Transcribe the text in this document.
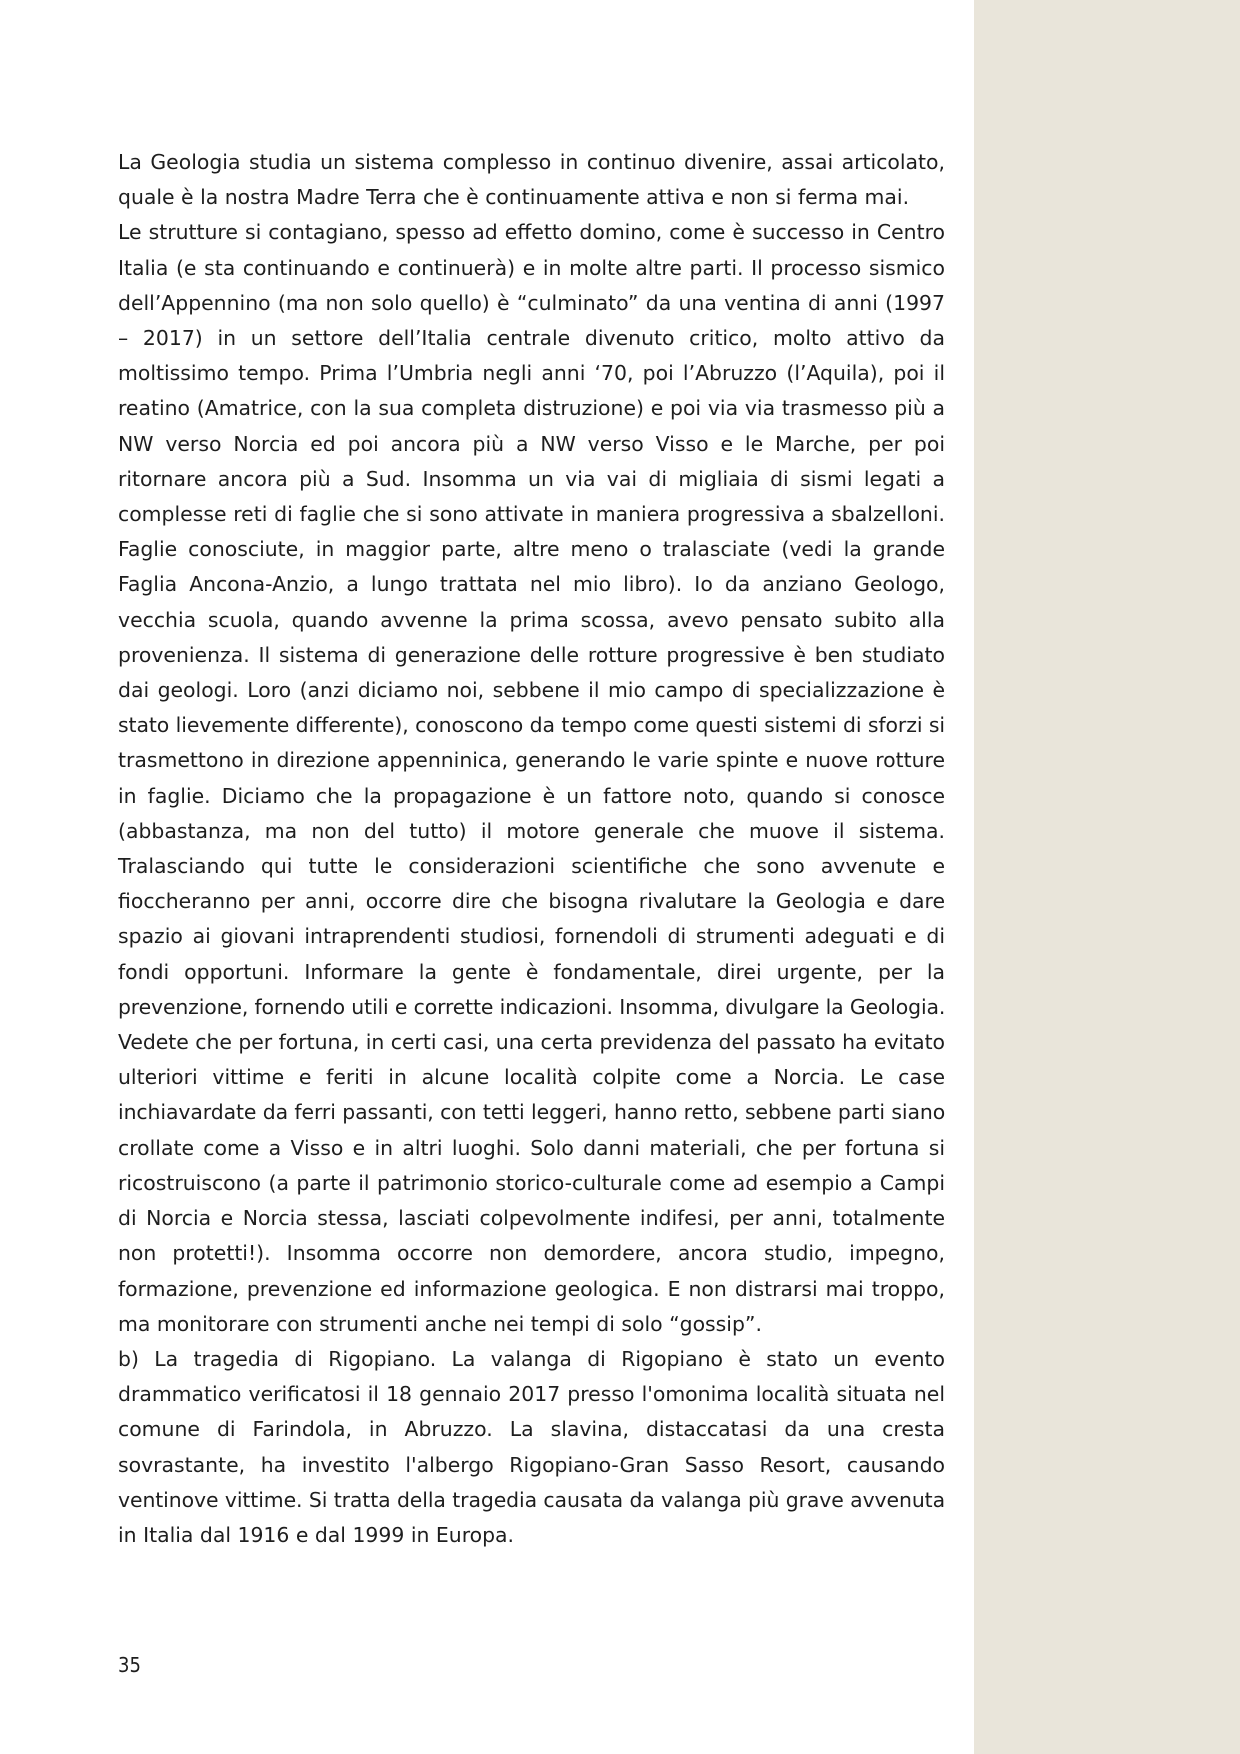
La Geologia studia un sistema complesso in continuo divenire, assai articolato,
quale è la nostra Madre Terra che è continuamente attiva e non si ferma mai.
Le strutture si contagiano, spesso ad effetto domino, come è successo in Centro
Italia (e sta continuando e continuerà) e in molte altre parti. Il processo sismico
dell’Appennino (ma non solo quello) è “culminato” da una ventina di anni (1997
– 2017) in un settore dell’Italia centrale divenuto critico, molto attivo da
moltissimo tempo. Prima l’Umbria negli anni ‘70, poi l’Abruzzo (l’Aquila), poi il
reatino (Amatrice, con la sua completa distruzione) e poi via via trasmesso più a
NW verso Norcia ed poi ancora più a NW verso Visso e le Marche, per poi
ritornare ancora più a Sud. Insomma un via vai di migliaia di sismi legati a
complesse reti di faglie che si sono attivate in maniera progressiva a sbalzelloni.
Faglie conosciute, in maggior parte, altre meno o tralasciate (vedi la grande
Faglia Ancona-Anzio, a lungo trattata nel mio libro). Io da anziano Geologo,
vecchia scuola, quando avvenne la prima scossa, avevo pensato subito alla
provenienza. Il sistema di generazione delle rotture progressive è ben studiato
dai geologi. Loro (anzi diciamo noi, sebbene il mio campo di specializzazione è
stato lievemente differente), conoscono da tempo come questi sistemi di sforzi si
trasmettono in direzione appenninica, generando le varie spinte e nuove rotture
in faglie. Diciamo che la propagazione è un fattore noto, quando si conosce
(abbastanza, ma non del tutto) il motore generale che muove il sistema.
Tralasciando qui tutte le considerazioni scientifiche che sono avvenute e
fioccheranno per anni, occorre dire che bisogna rivalutare la Geologia e dare
spazio ai giovani intraprendenti studiosi, fornendoli di strumenti adeguati e di
fondi opportuni. Informare la gente è fondamentale, direi urgente, per la
prevenzione, fornendo utili e corrette indicazioni. Insomma, divulgare la Geologia.
Vedete che per fortuna, in certi casi, una certa previdenza del passato ha evitato
ulteriori vittime e feriti in alcune località colpite come a Norcia. Le case
inchiavardate da ferri passanti, con tetti leggeri, hanno retto, sebbene parti siano
crollate come a Visso e in altri luoghi. Solo danni materiali, che per fortuna si
ricostruiscono (a parte il patrimonio storico-culturale come ad esempio a Campi
di Norcia e Norcia stessa, lasciati colpevolmente indifesi, per anni, totalmente
non protetti!). Insomma occorre non demordere, ancora studio, impegno,
formazione, prevenzione ed informazione geologica. E non distrarsi mai troppo,
ma monitorare con strumenti anche nei tempi di solo “gossip”.
b) La tragedia di Rigopiano. La valanga di Rigopiano è stato un evento
drammatico verificatosi il 18 gennaio 2017 presso l'omonima località situata nel
comune di Farindola, in Abruzzo. La slavina, distaccatasi da una cresta
sovrastante, ha investito l'albergo Rigopiano-Gran Sasso Resort, causando
ventinove vittime. Si tratta della tragedia causata da valanga più grave avvenuta
in Italia dal 1916 e dal 1999 in Europa.
35
